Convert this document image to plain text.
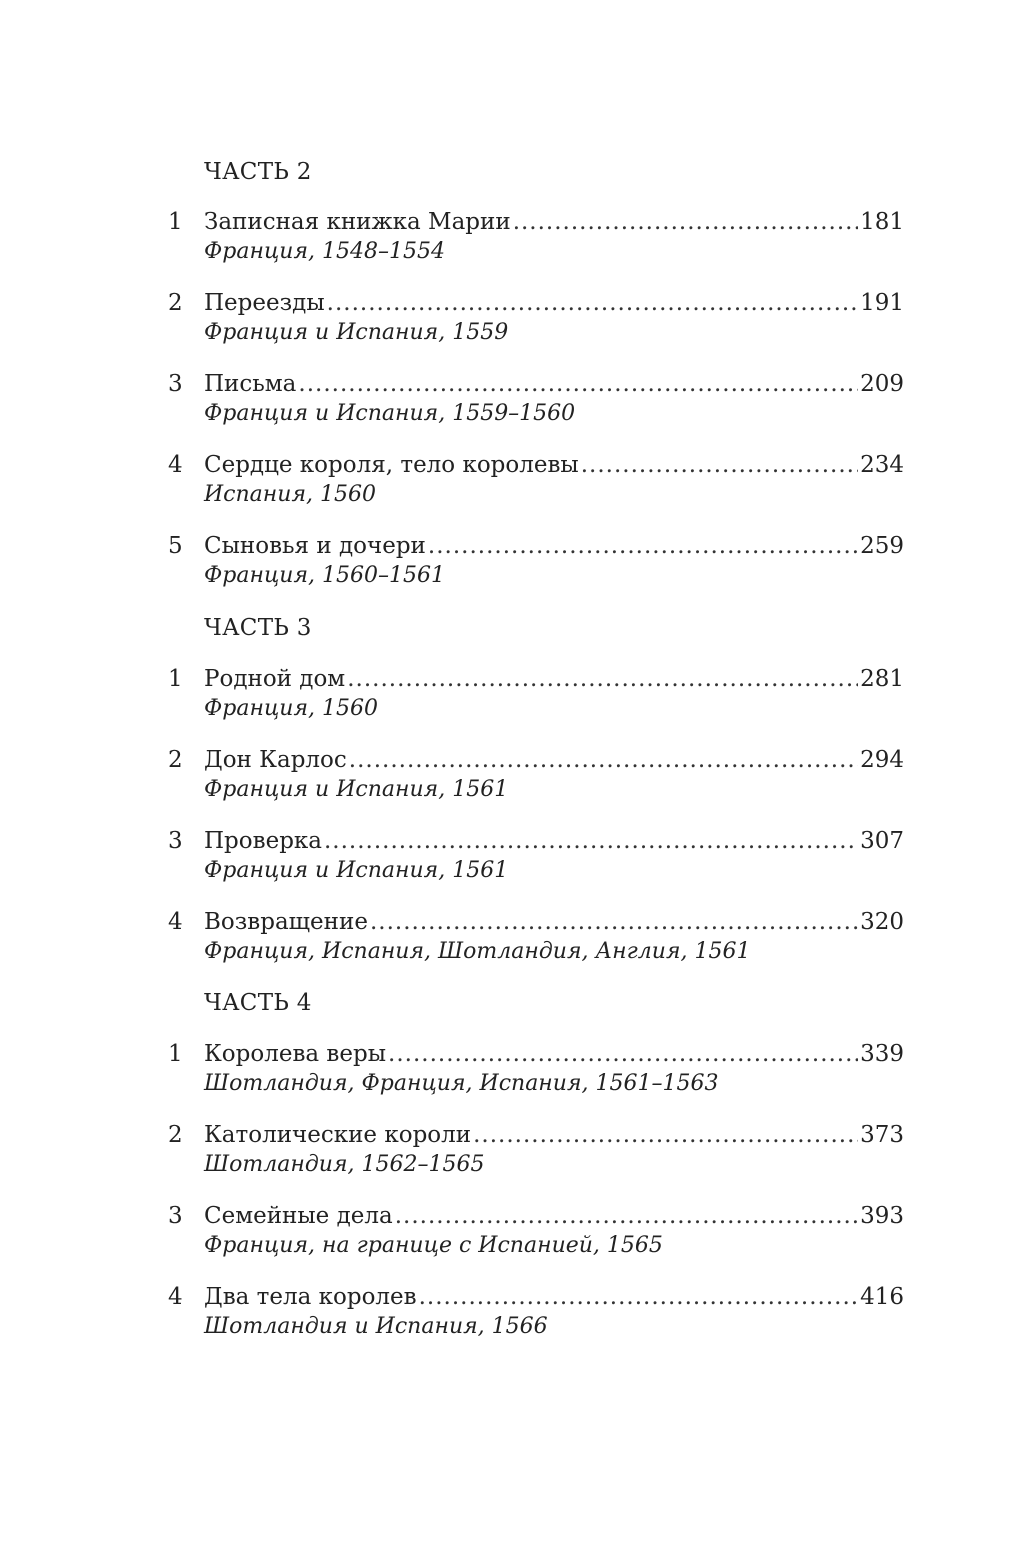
ЧАСТЬ 2
1 Записная книжка Марии .....	181
Франция, 1548–1554
2 Переезды .....	191
Франция и Испания, 1559
3 Письма .....	209
Франция и Испания, 1559–1560
4 Сердце короля, тело королевы .....	234
Испания, 1560
5 Сыновья и дочери .....	259
Франция, 1560–1561
ЧАСТЬ 3
1 Родной дом .....	281
Франция, 1560
2 Дон Карлос .....	294
Франция и Испания, 1561
3 Проверка .....	307
Франция и Испания, 1561
4 Возвращение .....	320
Франция, Испания, Шотландия, Англия, 1561
ЧАСТЬ 4
1 Королева веры .....	339
Шотландия, Франция, Испания, 1561–1563
2 Католические короли .....	373
Шотландия, 1562–1565
3 Семейные дела .....	393
Франция, на границе с Испанией, 1565
4 Два тела королев .....	416
Шотландия и Испания, 1566
